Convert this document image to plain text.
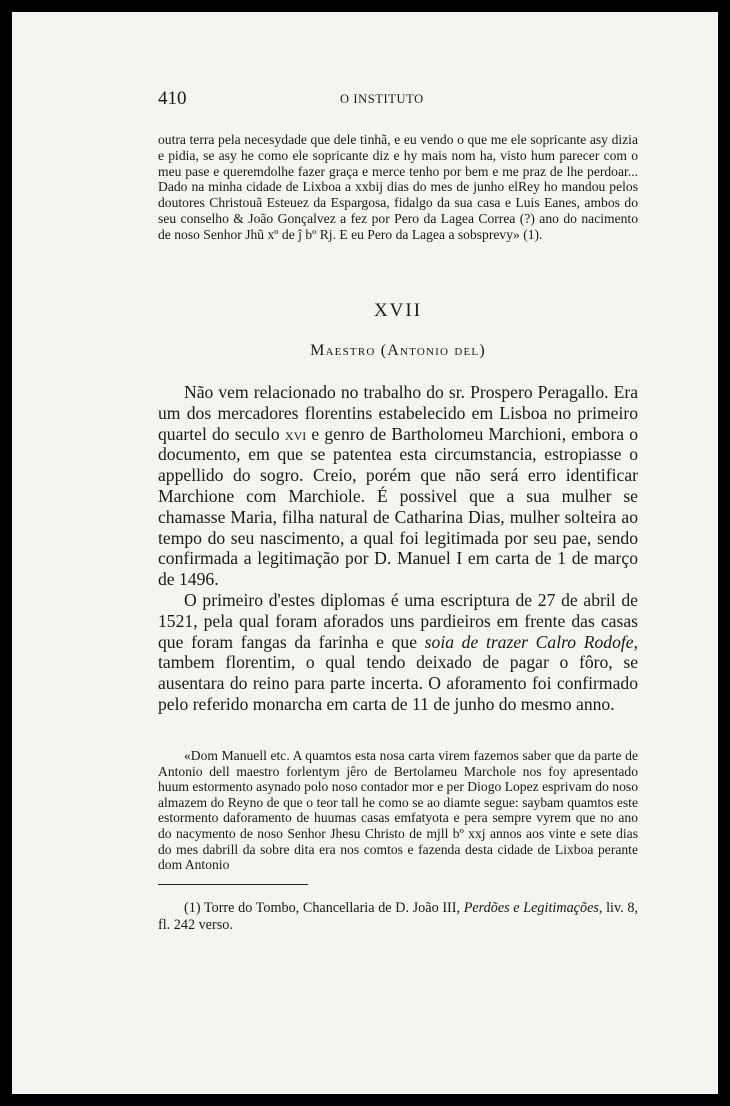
410	O INSTITUTO

outra terra pela necesydade que dele tinhã, e eu vendo o que me ele sopricante asy dizia e pidia, se asy he como ele sopricante diz e hy mais nom ha, visto hum parecer com o meu pase e queremdolhe fazer graça e merce tenho por bem e me praz de lhe perdoar... Dado na minha cidade de Lixboa a xxbij dias do mes de junho elRey ho mandou pelos doutores Christouã Esteuez da Espargosa, fidalgo da sua casa e Luis Eanes, ambos do seu conselho & João Gonçalvez a fez por Pero da Lagea Correa (?) ano do nacimento de noso Senhor Jhũ xº de ĵ bº Rj. E eu Pero da Lagea a sobsprevy» (1).

XVII
Maestro (Antonio del)

Não vem relacionado no trabalho do sr. Prospero Peragallo. Era um dos mercadores florentins estabelecido em Lisboa no primeiro quartel do seculo xvi e genro de Bartholomeu Marchioni, embora o documento, em que se patentea esta circumstancia, estropiasse o appellido do sogro. Creio, porém que não será erro identificar Marchione com Marchiole. É possivel que a sua mulher se chamasse Maria, filha natural de Catharina Dias, mulher solteira ao tempo do seu nascimento, a qual foi legitimada por seu pae, sendo confirmada a legitimação por D. Manuel I em carta de 1 de março de 1496.

O primeiro d'estes diplomas é uma escriptura de 27 de abril de 1521, pela qual foram aforados uns pardieiros em frente das casas que foram fangas da farinha e que soia de trazer Calro Rodofe, tambem florentim, o qual tendo deixado de pagar o fôro, se ausentara do reino para parte incerta. O aforamento foi confirmado pelo referido monarcha em carta de 11 de junho do mesmo anno.

«Dom Manuell etc. A quamtos esta nosa carta virem fazemos saber que da parte de Antonio dell maestro forlentym jêro de Bertolameu Marchole nos foy apresentado huum estormento asynado polo noso contador mor e per Diogo Lopez esprivam do noso almazem do Reyno de que o teor tall he como se ao diamte segue: saybam quamtos este estormento daforamento de huumas casas emfatyota e pera sempre vyrem que no ano do nacymento de noso Senhor Jhesu Christo de mjll bº xxj annos aos vinte e sete dias do mes dabrill da sobre dita era nos comtos e fazenda desta cidade de Lixboa perante dom Antonio

(1) Torre do Tombo, Chancellaria de D. João III, Perdões e Legitimações, liv. 8, fl. 242 verso.
